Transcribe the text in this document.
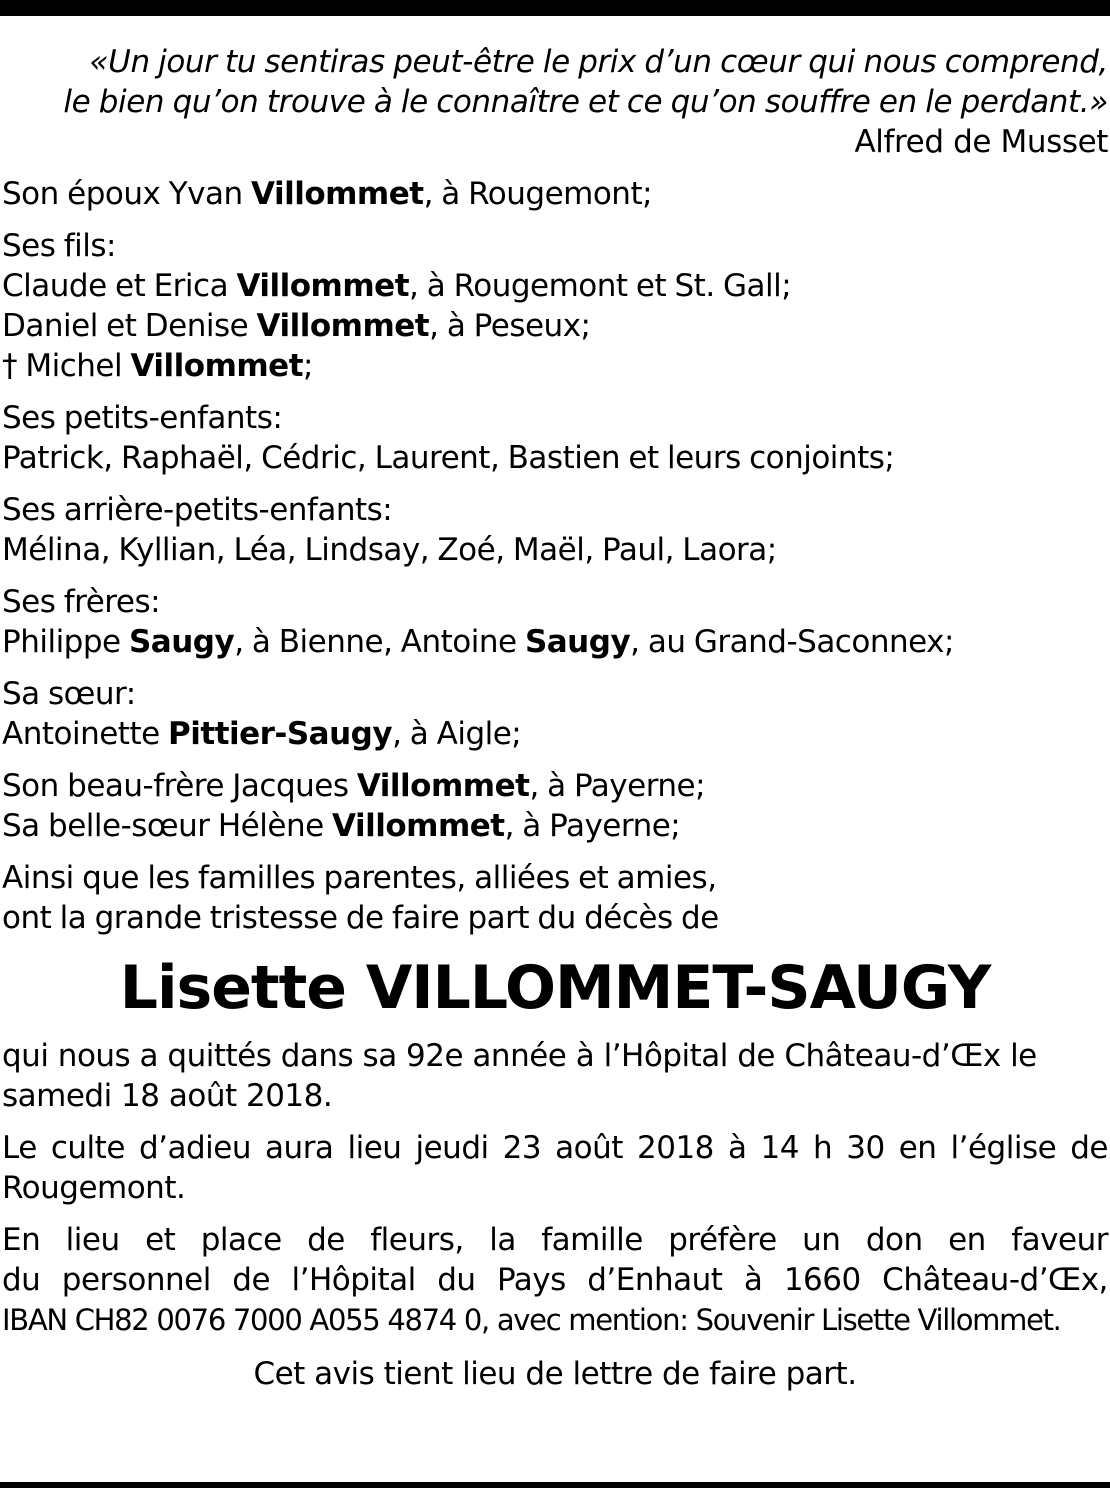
«Un jour tu sentiras peut-être le prix d’un cœur qui nous comprend,
le bien qu’on trouve à le connaître et ce qu’on souffre en le perdant.»
Alfred de Musset
Son époux Yvan Villommet, à Rougemont;
Ses fils:
Claude et Erica Villommet, à Rougemont et St. Gall;
Daniel et Denise Villommet, à Peseux;
† Michel Villommet;
Ses petits-enfants:
Patrick, Raphaël, Cédric, Laurent, Bastien et leurs conjoints;
Ses arrière-petits-enfants:
Mélina, Kyllian, Léa, Lindsay, Zoé, Maël, Paul, Laora;
Ses frères:
Philippe Saugy, à Bienne, Antoine Saugy, au Grand-Saconnex;
Sa sœur:
Antoinette Pittier-Saugy, à Aigle;
Son beau-frère Jacques Villommet, à Payerne;
Sa belle-sœur Hélène Villommet, à Payerne;
Ainsi que les familles parentes, alliées et amies,
ont la grande tristesse de faire part du décès de
Lisette VILLOMMET-SAUGY
qui nous a quittés dans sa 92e année à l’Hôpital de Château-d’Œx le samedi 18 août 2018.
Le culte d’adieu aura lieu jeudi 23 août 2018 à 14 h 30 en l’église de Rougemont.
En lieu et place de fleurs, la famille préfère un don en faveur
du personnel de l’Hôpital du Pays d’Enhaut à 1660 Château-d’Œx,
IBAN CH82 0076 7000 A055 4874 0, avec mention: Souvenir Lisette Villommet.
Cet avis tient lieu de lettre de faire part.
